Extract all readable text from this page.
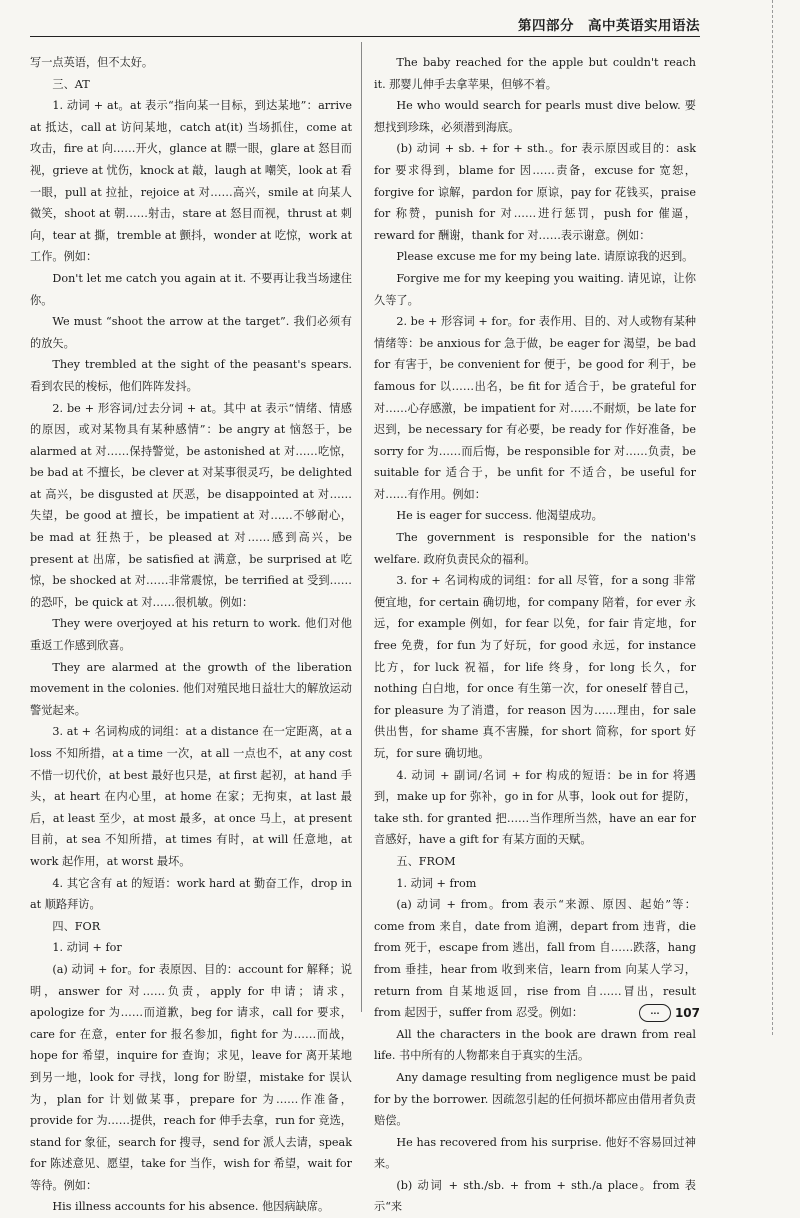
第四部分　高中英语实用语法

写一点英语，但不太好。

三、AT

1. 动词 + at。at 表示“指向某一目标，到达某地”：arrive at 抵达，call at 访问某地，catch at(it) 当场抓住，come at 攻击，fire at 向……开火，glance at 瞟一眼，glare at 怒目而视，grieve at 忧伤，knock at 敲，laugh at 嘲笑，look at 看一眼，pull at 拉扯，rejoice at 对……高兴，smile at 向某人微笑，shoot at 朝……射击，stare at 怒目而视，thrust at 刺向，tear at 撕，tremble at 颤抖，wonder at 吃惊，work at 工作。例如：

Don't let me catch you again at it. 不要再让我当场逮住你。

We must “shoot the arrow at the target”. 我们必须有的放矢。

They trembled at the sight of the peasant's spears. 看到农民的梭标，他们阵阵发抖。

2. be + 形容词/过去分词 + at。其中 at 表示“情绪、情感的原因，或对某物具有某种感情”：be angry at 恼怒于，be alarmed at 对……保持警觉，be astonished at 对……吃惊，be bad at 不擅长，be clever at 对某事很灵巧，be delighted at 高兴，be disgusted at 厌恶，be disappointed at 对……失望，be good at 擅长，be impatient at 对……不够耐心，be mad at 狂热于，be pleased at 对……感到高兴，be present at 出席，be satisfied at 满意，be surprised at 吃惊，be shocked at 对……非常震惊，be terrified at 受到……的恐吓，be quick at 对……很机敏。例如：

They were overjoyed at his return to work. 他们对他重返工作感到欣喜。

They are alarmed at the growth of the liberation movement in the colonies. 他们对殖民地日益壮大的解放运动警觉起来。

3. at + 名词构成的词组：at a distance 在一定距离，at a loss 不知所措，at a time 一次，at all 一点也不，at any cost 不惜一切代价，at best 最好也只是，at first 起初，at hand 手头，at heart 在内心里，at home 在家；无拘束，at last 最后，at least 至少，at most 最多，at once 马上，at present 目前，at sea 不知所措，at times 有时，at will 任意地，at work 起作用，at worst 最坏。

4. 其它含有 at 的短语：work hard at 勤奋工作，drop in at 顺路拜访。

四、FOR

1. 动词 + for

(a) 动词 + for。for 表原因、目的：account for 解释；说明，answer for 对……负责，apply for 申请；请求，apologize for 为……而道歉，beg for 请求，call for 要求，care for 在意，enter for 报名参加，fight for 为……而战，hope for 希望，inquire for 查询；求见，leave for 离开某地到另一地，look for 寻找，long for 盼望，mistake for 误认为，plan for 计划做某事，prepare for 为……作准备，provide for 为……提供，reach for 伸手去拿，run for 竞选，stand for 象征，search for 搜寻，send for 派人去请，speak for 陈述意见、愿望，take for 当作，wish for 希望，wait for 等待。例如：

His illness accounts for his absence. 他因病缺席。

The baby reached for the apple but couldn't reach it. 那婴儿伸手去拿苹果，但够不着。

He who would search for pearls must dive below. 要想找到珍珠，必须潜到海底。

(b) 动词 + sb. + for + sth.。for 表示原因或目的：ask for 要求得到，blame for 因……责备，excuse for 宽恕，forgive for 谅解，pardon for 原谅，pay for 花钱买，praise for 称赞，punish for 对……进行惩罚，push for 催逼，reward for 酬谢，thank for 对……表示谢意。例如：

Please excuse me for my being late. 请原谅我的迟到。

Forgive me for my keeping you waiting. 请见谅，让你久等了。

2. be + 形容词 + for。for 表作用、目的、对人或物有某种情绪等：be anxious for 急于做，be eager for 渴望，be bad for 有害于，be convenient for 便于，be good for 利于，be famous for 以……出名，be fit for 适合于，be grateful for 对……心存感激，be impatient for 对……不耐烦，be late for 迟到，be necessary for 有必要，be ready for 作好准备，be sorry for 为……而后悔，be responsible for 对……负责，be suitable for 适合于，be unfit for 不适合，be useful for 对……有作用。例如：

He is eager for success. 他渴望成功。

The government is responsible for the nation's welfare. 政府负责民众的福利。

3. for + 名词构成的词组：for all 尽管，for a song 非常便宜地，for certain 确切地，for company 陪着，for ever 永远，for example 例如，for fear 以免，for fair 肯定地，for free 免费，for fun 为了好玩，for good 永远，for instance 比方，for luck 祝福，for life 终身，for long 长久，for nothing 白白地，for once 有生第一次，for oneself 替自己，for pleasure 为了消遣，for reason 因为……理由，for sale 供出售，for shame 真不害臊，for short 简称，for sport 好玩，for sure 确切地。

4. 动词 + 副词/名词 + for 构成的短语：be in for 将遇到，make up for 弥补，go in for 从事，look out for 提防，take sth. for granted 把……当作理所当然，have an ear for 音感好，have a gift for 有某方面的天赋。

五、FROM

1. 动词 + from

(a) 动词 + from。from 表示“来源、原因、起始”等：come from 来自，date from 追溯，depart from 违背，die from 死于，escape from 逃出，fall from 自……跌落，hang from 垂挂，hear from 收到来信，learn from 向某人学习，return from 自某地返回，rise from 自……冒出，result from 起因于，suffer from 忍受。例如：

All the characters in the book are drawn from real life. 书中所有的人物都来自于真实的生活。

Any damage resulting from negligence must be paid for by the borrower. 因疏忽引起的任何损坏都应由借用者负责赔偿。

He has recovered from his surprise. 他好不容易回过神来。

(b) 动词 + sth./sb. + from + sth./a place。from 表示“来

···	107
